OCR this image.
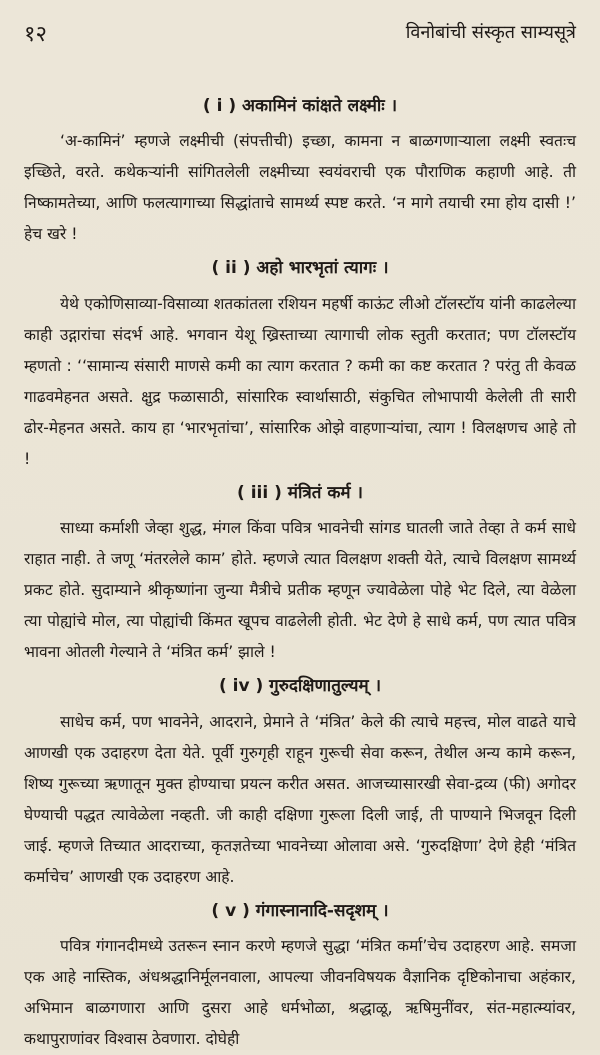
१२	विनोबांची संस्कृत साम्यसूत्रे
( i ) अकामिनं कांक्षते लक्ष्मीः ।

‘अ-कामिनं’ म्हणजे लक्ष्मीची (संपत्तीची) इच्छा, कामना न बाळगणाऱ्याला लक्ष्मी स्वतःच इच्छिते, वरते. कथेकऱ्यांनी सांगितलेली लक्ष्मीच्या स्वयंवराची एक पौराणिक कहाणी आहे. ती निष्कामतेच्या, आणि फलत्यागाच्या सिद्धांताचे सामर्थ्य स्पष्ट करते. ‘न मागे तयाची रमा होय दासी !’ हेच खरे !

( ii ) अहो भारभृतां त्यागः ।

येथे एकोणिसाव्या-विसाव्या शतकांतला रशियन महर्षी काऊंट लीओ टॉलस्टॉय यांनी काढलेल्या काही उद्गारांचा संदर्भ आहे. भगवान येशू ख्रिस्ताच्या त्यागाची लोक स्तुती करतात; पण टॉलस्टॉय म्हणतो : ‘‘सामान्य संसारी माणसे कमी का त्याग करतात ? कमी का कष्ट करतात ? परंतु ती केवळ गाढवमेहनत असते. क्षुद्र फळासाठी, सांसारिक स्वार्थासाठी, संकुचित लोभापायी केलेली ती सारी ढोर-मेहनत असते. काय हा ‘भारभृतांचा’, सांसारिक ओझे वाहणाऱ्यांचा, त्याग ! विलक्षणच आहे तो !

( iii ) मंत्रितं कर्म ।

साध्या कर्माशी जेव्हा शुद्ध, मंगल किंवा पवित्र भावनेची सांगड घातली जाते तेव्हा ते कर्म साधे राहात नाही. ते जणू ‘मंतरलेले काम’ होते. म्हणजे त्यात विलक्षण शक्ती येते, त्याचे विलक्षण सामर्थ्य प्रकट होते. सुदाम्याने श्रीकृष्णांना जुन्या मैत्रीचे प्रतीक म्हणून ज्यावेळेला पोहे भेट दिले, त्या वेळेला त्या पोह्यांचे मोल, त्या पोह्यांची किंमत खूपच वाढलेली होती. भेट देणे हे साधे कर्म, पण त्यात पवित्र भावना ओतली गेल्याने ते ‘मंत्रित कर्म’ झाले !

( iv ) गुरुदक्षिणातुल्यम् ।

साधेच कर्म, पण भावनेने, आदराने, प्रेमाने ते ‘मंत्रित’ केले की त्याचे महत्त्व, मोल वाढते याचे आणखी एक उदाहरण देता येते. पूर्वी गुरुगृही राहून गुरूची सेवा करून, तेथील अन्य कामे करून, शिष्य गुरूच्या ऋणातून मुक्त होण्याचा प्रयत्न करीत असत. आजच्यासारखी सेवा-द्रव्य (फी) अगोदर घेण्याची पद्धत त्यावेळेला नव्हती. जी काही दक्षिणा गुरूला दिली जाई, ती पाण्याने भिजवून दिली जाई. म्हणजे तिच्यात आदराच्या, कृतज्ञतेच्या भावनेच्या ओलावा असे. ‘गुरुदक्षिणा’ देणे हेही ‘मंत्रित कर्माचेच’ आणखी एक उदाहरण आहे.

( v ) गंगास्नानादि-सदृशम् ।

पवित्र गंगानदीमध्ये उतरून स्नान करणे म्हणजे सुद्धा ‘मंत्रित कर्मा’चेच उदाहरण आहे. समजा एक आहे नास्तिक, अंधश्रद्धानिर्मूलनवाला, आपल्या जीवनविषयक वैज्ञानिक दृष्टिकोनाचा अहंकार, अभिमान बाळगणारा आणि दुसरा आहे धर्मभोळा, श्रद्धाळू, ऋषिमुनींवर, संत-महात्म्यांवर, कथापुराणांवर विश्वास ठेवणारा. दोघेही
